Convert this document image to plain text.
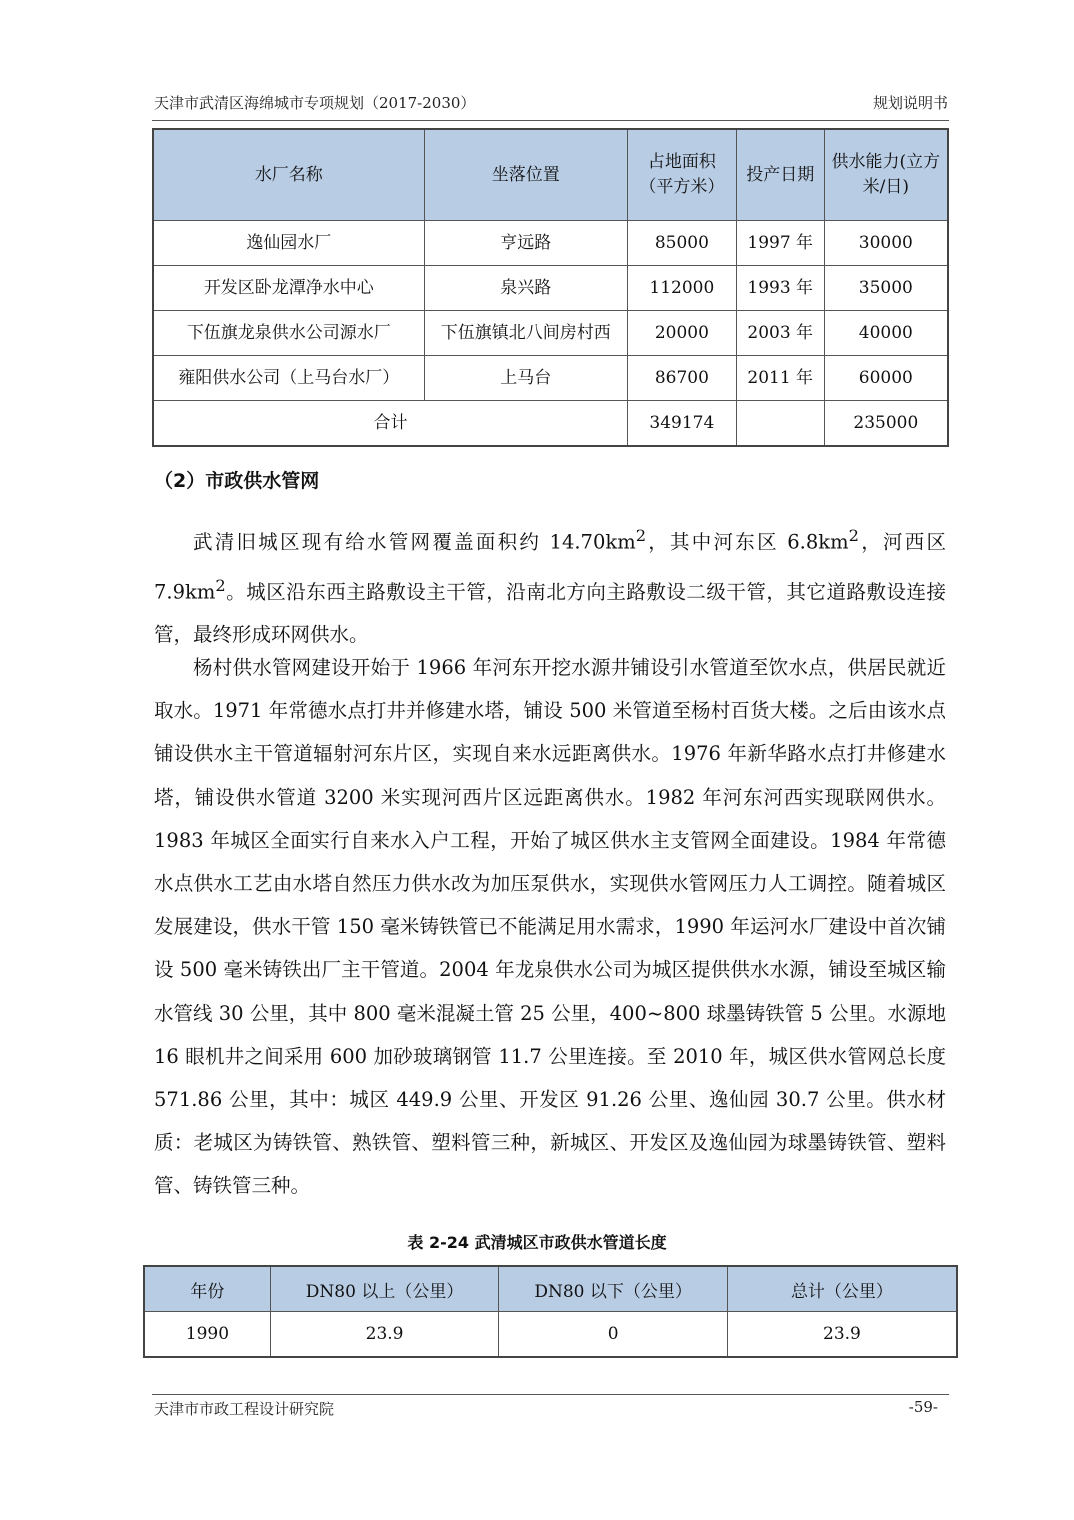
天津市武清区海绵城市专项规划（2017-2030）	规划说明书
水厂名称	坐落位置	占地面积（平方米）	投产日期	供水能力(立方米/日)
逸仙园水厂	亨远路	85000	1997 年	30000
开发区卧龙潭净水中心	泉兴路	112000	1993 年	35000
下伍旗龙泉供水公司源水厂	下伍旗镇北八间房村西	20000	2003 年	40000
雍阳供水公司（上马台水厂）	上马台	86700	2011 年	60000
合计		349174		235000
（2）市政供水管网

武清旧城区现有给水管网覆盖面积约 $14.70km^2$，其中河东区 $6.8km^2$，河西区 $7.9km^2$。城区沿东西主路敷设主干管，沿南北方向主路敷设二级干管，其它道路敷设连接管，最终形成环网供水。

杨村供水管网建设开始于 1966 年河东开挖水源井铺设引水管道至饮水点，供居民就近取水。1971 年常德水点打井并修建水塔，铺设 500 米管道至杨村百货大楼。之后由该水点铺设供水主干管道辐射河东片区，实现自来水远距离供水。1976 年新华路水点打井修建水塔，铺设供水管道 3200 米实现河西片区远距离供水。1982 年河东河西实现联网供水。1983 年城区全面实行自来水入户工程，开始了城区供水主支管网全面建设。1984 年常德水点供水工艺由水塔自然压力供水改为加压泵供水，实现供水管网压力人工调控。随着城区发展建设，供水干管 150 毫米铸铁管已不能满足用水需求，1990 年运河水厂建设中首次铺设 500 毫米铸铁出厂主干管道。2004 年龙泉供水公司为城区提供供水水源，铺设至城区输水管线 30 公里，其中 800 毫米混凝土管 25 公里，400~800 球墨铸铁管 5 公里。水源地 16 眼机井之间采用 600 加砂玻璃钢管 11.7 公里连接。至 2010 年，城区供水管网总长度 571.86 公里，其中：城区 449.9 公里、开发区 91.26 公里、逸仙园 30.7 公里。供水材质：老城区为铸铁管、熟铁管、塑料管三种，新城区、开发区及逸仙园为球墨铸铁管、塑料管、铸铁管三种。

表 2-24 武清城区市政供水管道长度
年份	DN80 以上（公里）	DN80 以下（公里）	总计（公里）
1990	23.9	0	23.9
天津市市政工程设计研究院	-59-
